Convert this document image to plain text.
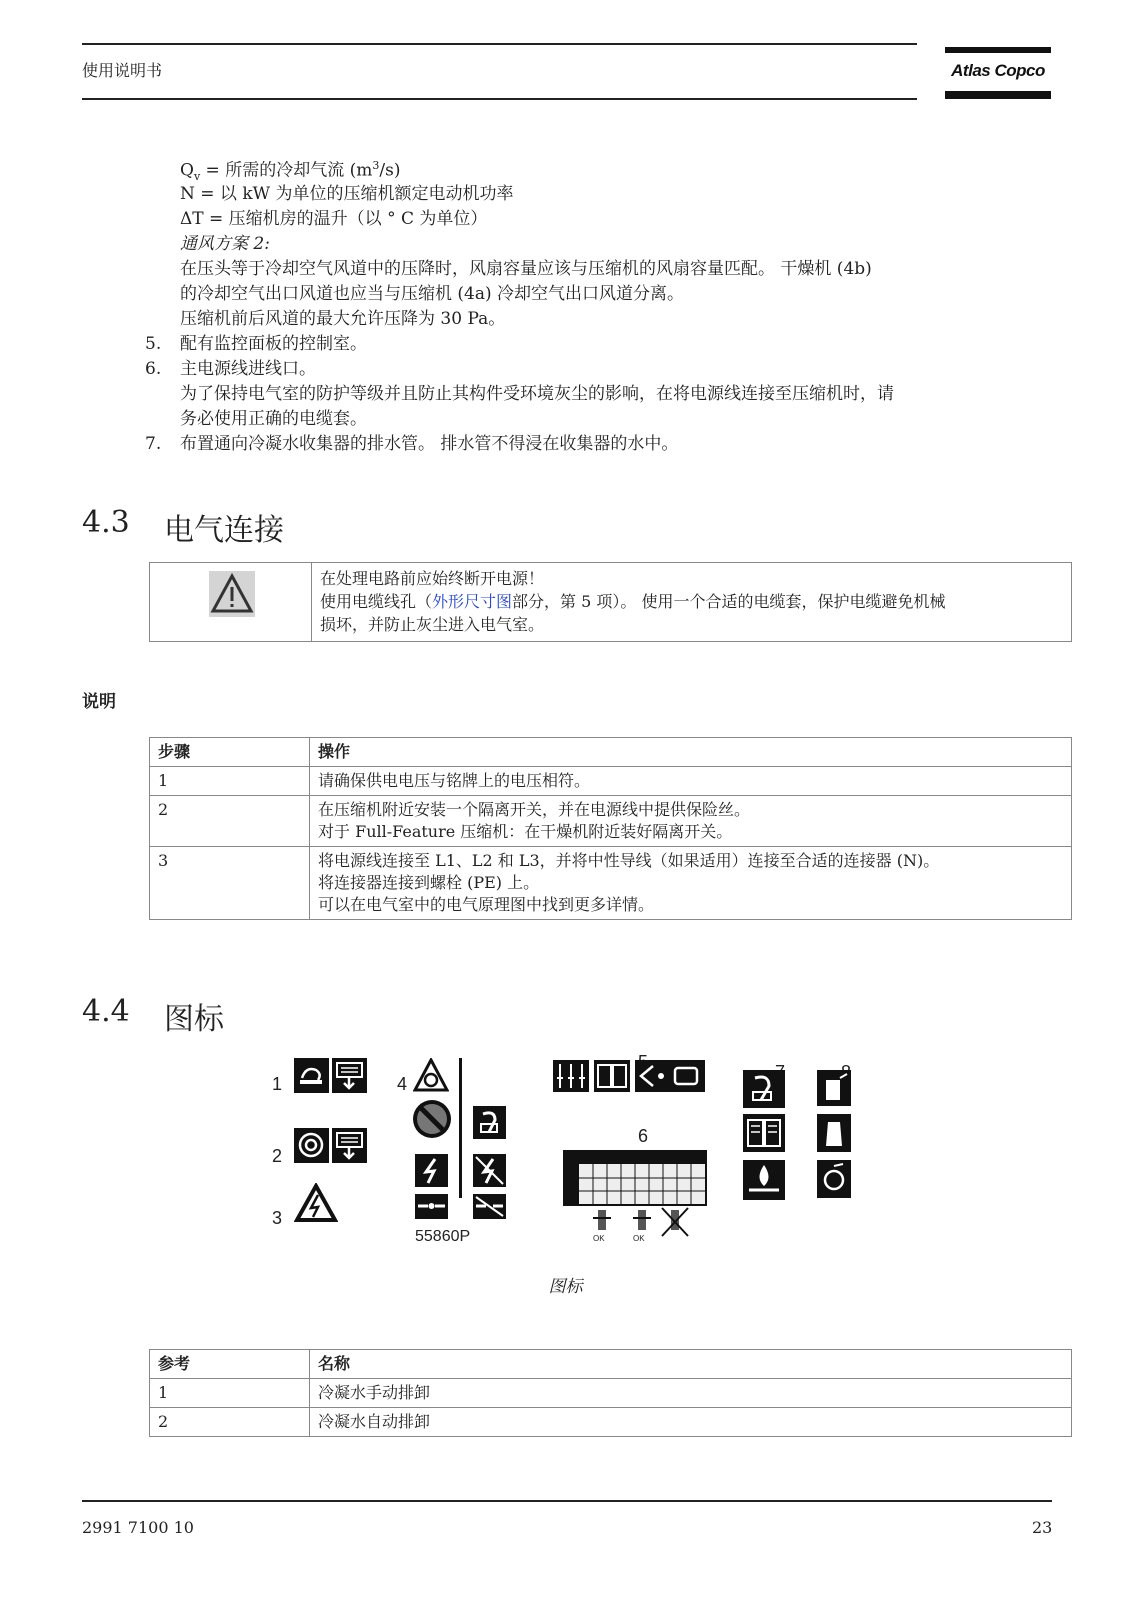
使用说明书	Atlas Copco
$Q_v$ = 所需的冷却气流 $(m^3/s)$
N = 以 kW 为单位的压缩机额定电动机功率
ΔT = 压缩机房的温升（以 ° C 为单位）
通风方案 2:
在压头等于冷却空气风道中的压降时，风扇容量应该与压缩机的风扇容量匹配。 干燥机 (4b)
的冷却空气出口风道也应当与压缩机 (4a) 冷却空气出口风道分离。
压缩机前后风道的最大允许压降为 30 Pa。
5. 配有监控面板的控制室。
6. 主电源线进线口。
为了保持电气室的防护等级并且防止其构件受环境灰尘的影响，在将电源线连接至压缩机时，请
务必使用正确的电缆套。
7. 布置通向冷凝水收集器的排水管。 排水管不得浸在收集器的水中。
4.3 电气连接
在处理电路前应始终断开电源！
使用电缆线孔（外形尺寸图部分，第 5 项）。 使用一个合适的电缆套，保护电缆避免机械
损坏，并防止灰尘进入电气室。
说明
步骤	操作
1	请确保供电电压与铭牌上的电压相符。

2	在压缩机附近安装一个隔离开关，并在电源线中提供保险丝。
对于 Full-Feature 压缩机：在干燥机附近装好隔离开关。

3	将电源线连接至 L1、L2 和 L3，并将中性导线（如果适用）连接至合适的连接器 (N)。
将连接器连接到螺栓 (PE) 上。
可以在电气室中的电气原理图中找到更多详情。
4.4 图标
1
2
3
4
6
55860P	OK	OK
图标
参考	名称
1	冷凝水手动排卸
2	冷凝水自动排卸
2991 7100 10	23
